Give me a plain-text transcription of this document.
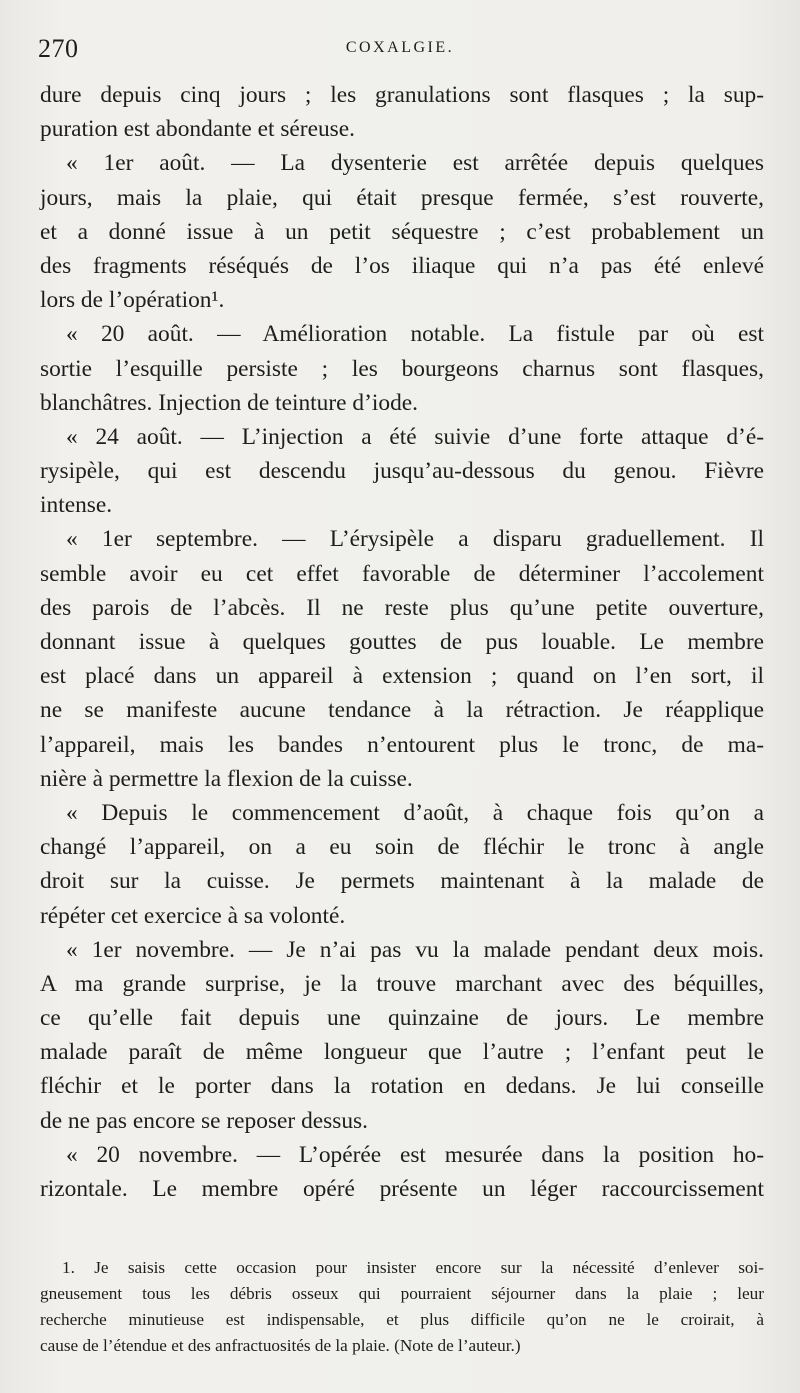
270	COXALGIE.
dure depuis cinq jours ; les granulations sont flasques ; la sup-
puration est abondante et séreuse.
« 1er août. — La dysenterie est arrêtée depuis quelques
jours, mais la plaie, qui était presque fermée, s’est rouverte,
et a donné issue à un petit séquestre ; c’est probablement un
des fragments réséqués de l’os iliaque qui n’a pas été enlevé
lors de l’opération¹.
« 20 août. — Amélioration notable. La fistule par où est
sortie l’esquille persiste ; les bourgeons charnus sont flasques,
blanchâtres. Injection de teinture d’iode.
« 24 août. — L’injection a été suivie d’une forte attaque d’é-
rysipèle, qui est descendu jusqu’au-dessous du genou. Fièvre
intense.
« 1er septembre. — L’érysipèle a disparu graduellement. Il
semble avoir eu cet effet favorable de déterminer l’accolement
des parois de l’abcès. Il ne reste plus qu’une petite ouverture,
donnant issue à quelques gouttes de pus louable. Le membre
est placé dans un appareil à extension ; quand on l’en sort, il
ne se manifeste aucune tendance à la rétraction. Je réapplique
l’appareil, mais les bandes n’entourent plus le tronc, de ma-
nière à permettre la flexion de la cuisse.
« Depuis le commencement d’août, à chaque fois qu’on a
changé l’appareil, on a eu soin de fléchir le tronc à angle
droit sur la cuisse. Je permets maintenant à la malade de
répéter cet exercice à sa volonté.
« 1er novembre. — Je n’ai pas vu la malade pendant deux mois.
A ma grande surprise, je la trouve marchant avec des béquilles,
ce qu’elle fait depuis une quinzaine de jours. Le membre
malade paraît de même longueur que l’autre ; l’enfant peut le
fléchir et le porter dans la rotation en dedans. Je lui conseille
de ne pas encore se reposer dessus.
« 20 novembre. — L’opérée est mesurée dans la position ho-
rizontale. Le membre opéré présente un léger raccourcissement
1. Je saisis cette occasion pour insister encore sur la nécessité d’enlever soi-
gneusement tous les débris osseux qui pourraient séjourner dans la plaie ; leur
recherche minutieuse est indispensable, et plus difficile qu’on ne le croirait, à
cause de l’étendue et des anfractuosités de la plaie. (Note de l’auteur.)
